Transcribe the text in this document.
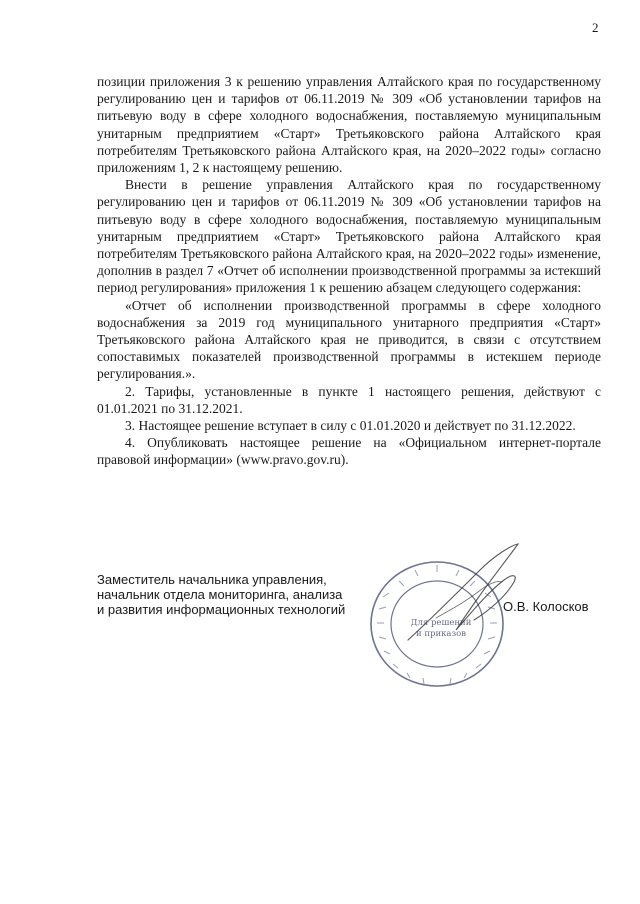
2

позиции приложения 3 к решению управления Алтайского края по государственному регулированию цен и тарифов от 06.11.2019 № 309 «Об установлении тарифов на питьевую воду в сфере холодного водоснабжения, поставляемую муниципальным унитарным предприятием «Старт» Третьяковского района Алтайского края потребителям Третьяковского района Алтайского края, на 2020–2022 годы» согласно приложениям 1, 2 к настоящему решению.

Внести в решение управления Алтайского края по государственному регулированию цен и тарифов от 06.11.2019 № 309 «Об установлении тарифов на питьевую воду в сфере холодного водоснабжения, поставляемую муниципальным унитарным предприятием «Старт» Третьяковского района Алтайского края потребителям Третьяковского района Алтайского края, на 2020–2022 годы» изменение, дополнив в раздел 7 «Отчет об исполнении производственной программы за истекший период регулирования» приложения 1 к решению абзацем следующего содержания:

«Отчет об исполнении производственной программы в сфере холодного водоснабжения за 2019 год муниципального унитарного предприятия «Старт» Третьяковского района Алтайского края не приводится, в связи с отсутствием сопоставимых показателей производственной программы в истекшем периоде регулирования.».

2. Тарифы, установленные в пункте 1 настоящего решения, действуют с 01.01.2021 по 31.12.2021.

3. Настоящее решение вступает в силу с 01.01.2020 и действует по 31.12.2022.

4. Опубликовать настоящее решение на «Официальном интернет-портале правовой информации» (www.pravo.gov.ru).

Заместитель начальника управления,
начальник отдела мониторинга, анализа
и развития информационных технологий
Для решений
и приказов
О.В. Колосков
